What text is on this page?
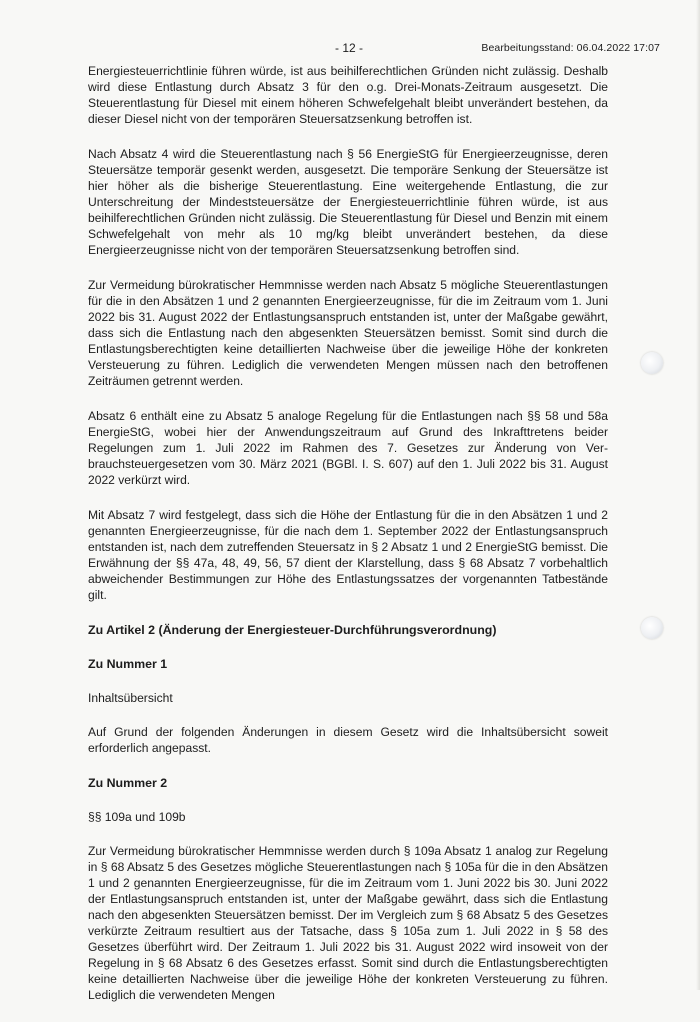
- 12 -	Bearbeitungsstand: 06.04.2022 17:07

Energiesteuerrichtlinie führen würde, ist aus beihilferechtlichen Gründen nicht zulässig. Deshalb wird diese Entlastung durch Absatz 3 für den o.g. Drei-Monats-Zeitraum ausgesetzt. Die Steuerentlastung für Diesel mit einem höheren Schwefelgehalt bleibt unverändert bestehen, da dieser Diesel nicht von der temporären Steuersatzsenkung betroffen ist.

Nach Absatz 4 wird die Steuerentlastung nach § 56 EnergieStG für Energieerzeugnisse, deren Steuersätze temporär gesenkt werden, ausgesetzt. Die temporäre Senkung der Steuersätze ist hier höher als die bisherige Steuerentlastung. Eine weitergehende Entlastung, die zur Unterschreitung der Mindeststeuersätze der Energiesteuerrichtlinie führen würde, ist aus beihilferechtlichen Gründen nicht zulässig. Die Steuerentlastung für Diesel und Benzin mit einem Schwefelgehalt von mehr als 10 mg/kg bleibt unverändert bestehen, da diese Energieerzeugnisse nicht von der temporären Steuersatzsenkung betroffen sind.

Zur Vermeidung bürokratischer Hemmnisse werden nach Absatz 5 mögliche Steuerentlastungen für die in den Absätzen 1 und 2 genannten Energieerzeugnisse, für die im Zeitraum vom 1. Juni 2022 bis 31. August 2022 der Entlastungsanspruch entstanden ist, unter der Maßgabe gewährt, dass sich die Entlastung nach den abgesenkten Steuersätzen bemisst. Somit sind durch die Entlastungsberechtigten keine detaillierten Nachweise über die jeweilige Höhe der konkreten Versteuerung zu führen. Lediglich die verwendeten Mengen müssen nach den betroffenen Zeiträumen getrennt werden.

Absatz 6 enthält eine zu Absatz 5 analoge Regelung für die Entlastungen nach §§ 58 und 58a EnergieStG, wobei hier der Anwendungszeitraum auf Grund des Inkrafttretens beider Regelungen zum 1. Juli 2022 im Rahmen des 7. Gesetzes zur Änderung von Verbrauchsteuergesetzen vom 30. März 2021 (BGBl. I. S. 607) auf den 1. Juli 2022 bis 31. August 2022 verkürzt wird.

Mit Absatz 7 wird festgelegt, dass sich die Höhe der Entlastung für die in den Absätzen 1 und 2 genannten Energieerzeugnisse, für die nach dem 1. September 2022 der Entlastungsanspruch entstanden ist, nach dem zutreffenden Steuersatz in § 2 Absatz 1 und 2 EnergieStG bemisst. Die Erwähnung der §§ 47a, 48, 49, 56, 57 dient der Klarstellung, dass § 68 Absatz 7 vorbehaltlich abweichender Bestimmungen zur Höhe des Entlastungssatzes der vorgenannten Tatbestände gilt.

Zu Artikel 2 (Änderung der Energiesteuer-Durchführungsverordnung)
Zu Nummer 1

Inhaltsübersicht

Auf Grund der folgenden Änderungen in diesem Gesetz wird die Inhaltsübersicht soweit erforderlich angepasst.

Zu Nummer 2

§§ 109a und 109b

Zur Vermeidung bürokratischer Hemmnisse werden durch § 109a Absatz 1 analog zur Regelung in § 68 Absatz 5 des Gesetzes mögliche Steuerentlastungen nach § 105a für die in den Absätzen 1 und 2 genannten Energieerzeugnisse, für die im Zeitraum vom 1. Juni 2022 bis 30. Juni 2022 der Entlastungsanspruch entstanden ist, unter der Maßgabe gewährt, dass sich die Entlastung nach den abgesenkten Steuersätzen bemisst. Der im Vergleich zum § 68 Absatz 5 des Gesetzes verkürzte Zeitraum resultiert aus der Tatsache, dass § 105a zum 1. Juli 2022 in § 58 des Gesetzes überführt wird. Der Zeitraum 1. Juli 2022 bis 31. August 2022 wird insoweit von der Regelung in § 68 Absatz 6 des Gesetzes erfasst. Somit sind durch die Entlastungsberechtigten keine detaillierten Nachweise über die jeweilige Höhe der konkreten Versteuerung zu führen. Lediglich die verwendeten Mengen
